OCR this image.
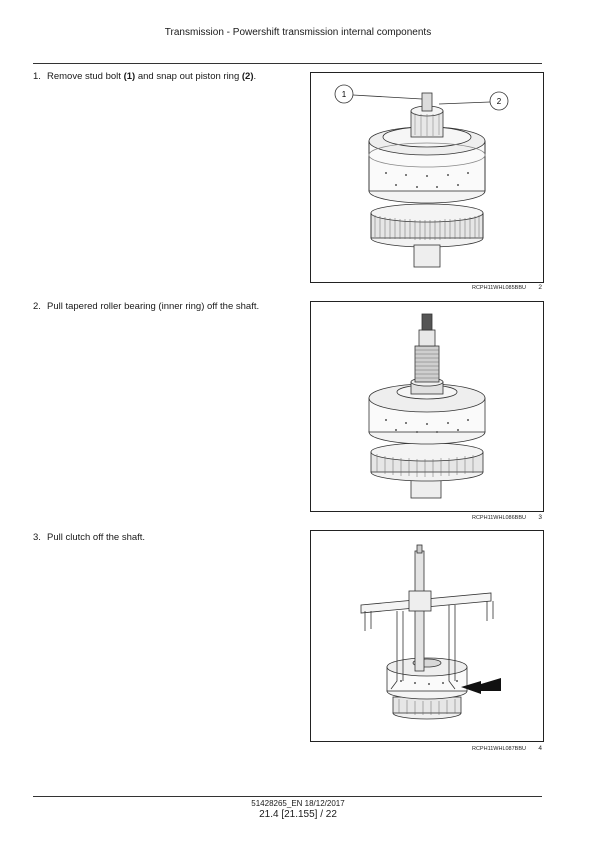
Transmission - Powershift transmission internal components
1. Remove stud bolt (1) and snap out piston ring (2).
1
2
RCPH11WHL085BBU 2
2. Pull tapered roller bearing (inner ring) off the shaft.
RCPH11WHL086BBU 3
3. Pull clutch off the shaft.
RCPH11WHL087BBU 4
51428265_EN 18/12/2017
21.4 [21.155] / 22
